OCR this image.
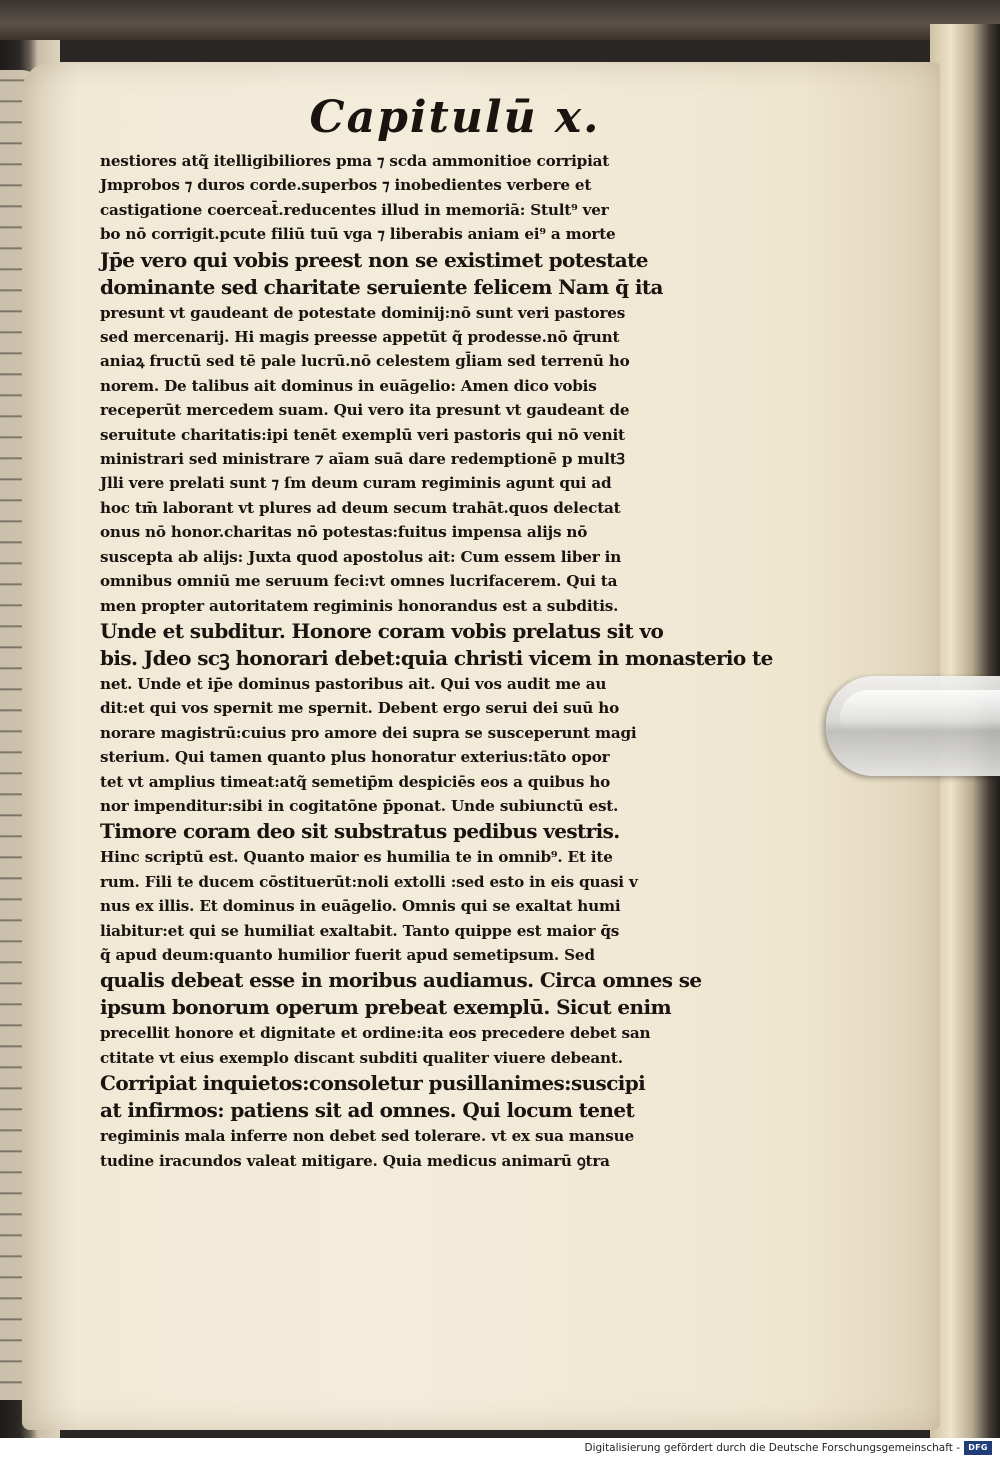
Capitulū x.
nestiores atq̃ itelligibiliores pma ⁊ scda ammonitioe corripiat
Jmprobos ⁊ duros corde.superbos ⁊ inobedientes verbere et
castigatione coerceat̄.reducentes illud in memoriā: Stult⁹ ver
bo nō corrigit.pcute filiū tuū vga ⁊ liberabis aniam ei⁹ a morte
Jp̄e vero qui vobis preest non se existimet potestate
dominante sed charitate seruiente felicem Nam q̄ ita
presunt vt gaudeant de potestate dominij:nō sunt veri pastores
sed mercenarij. Hi magis preesse appetūt q̃ prodesse.nō q̄runt
aniaꝝ fructū sed tē pale lucrū.nō celestem gl̄iam sed terrenū ho
norem. De talibus ait dominus in euāgelio: Amen dico vobis
receperūt mercedem suam. Qui vero ita presunt vt gaudeant de
seruitute charitatis:ipi tenēt exemplū veri pastoris qui nō venit
ministrari sed ministrare ⁊ aīam suā dare redemptionē p multꝪ
Jlli vere prelati sunt ⁊ ſm deum curam regiminis agunt qui ad
hoc tm̄ laborant vt plures ad deum secum trahāt.quos delectat
onus nō honor.charitas nō potestas:fuitus impensa alijs nō
suscepta ab alijs: Juxta quod apostolus ait: Cum essem liber in
omnibus omniū me seruum feci:vt omnes lucrifacerem. Qui ta
men propter autoritatem regiminis honorandus est a subditis.
Unde et subditur. Honore coram vobis prelatus sit vo
bis. Jdeo scꝫ honorari debet:quia christi vicem in monasterio te
net. Unde et ip̄e dominus pastoribus ait. Qui vos audit me au
dit:et qui vos spernit me spernit. Debent ergo serui dei suū ho
norare magistrū:cuius pro amore dei supra se susceperunt magi
sterium. Qui tamen quanto plus honoratur exterius:tāto opor
tet vt amplius timeat:atq̃ semetip̄m despiciēs eos a quibus ho
nor impenditur:sibi in cogitatōne p̄ponat. Unde subiunctū est.
Timore coram deo sit substratus pedibus vestris.
Hinc scriptū est. Quanto maior es humilia te in omnib⁹. Et ite
rum. Fili te ducem cōstituerūt:noli extolli :sed esto in eis quasi v
nus ex illis. Et dominus in euāgelio. Omnis qui se exaltat humi
liabitur:et qui se humiliat exaltabit. Tanto quippe est maior q̄s
q̃ apud deum:quanto humilior fuerit apud semetipsum. Sed
qualis debeat esse in moribus audiamus. Circa omnes se
ipsum bonorum operum prebeat exemplū. Sicut enim
precellit honore et dignitate et ordine:ita eos precedere debet san
ctitate vt eius exemplo discant subditi qualiter viuere debeant.
Corripiat inquietos:consoletur pusillanimes:suscipi
at infirmos: patiens sit ad omnes. Qui locum tenet
regiminis mala inferre non debet sed tolerare. vt ex sua mansue
tudine iracundos valeat mitigare. Quia medicus animarū ꝯtra
Digitalisierung gefördert durch die Deutsche Forschungsgemeinschaft -	DFG
